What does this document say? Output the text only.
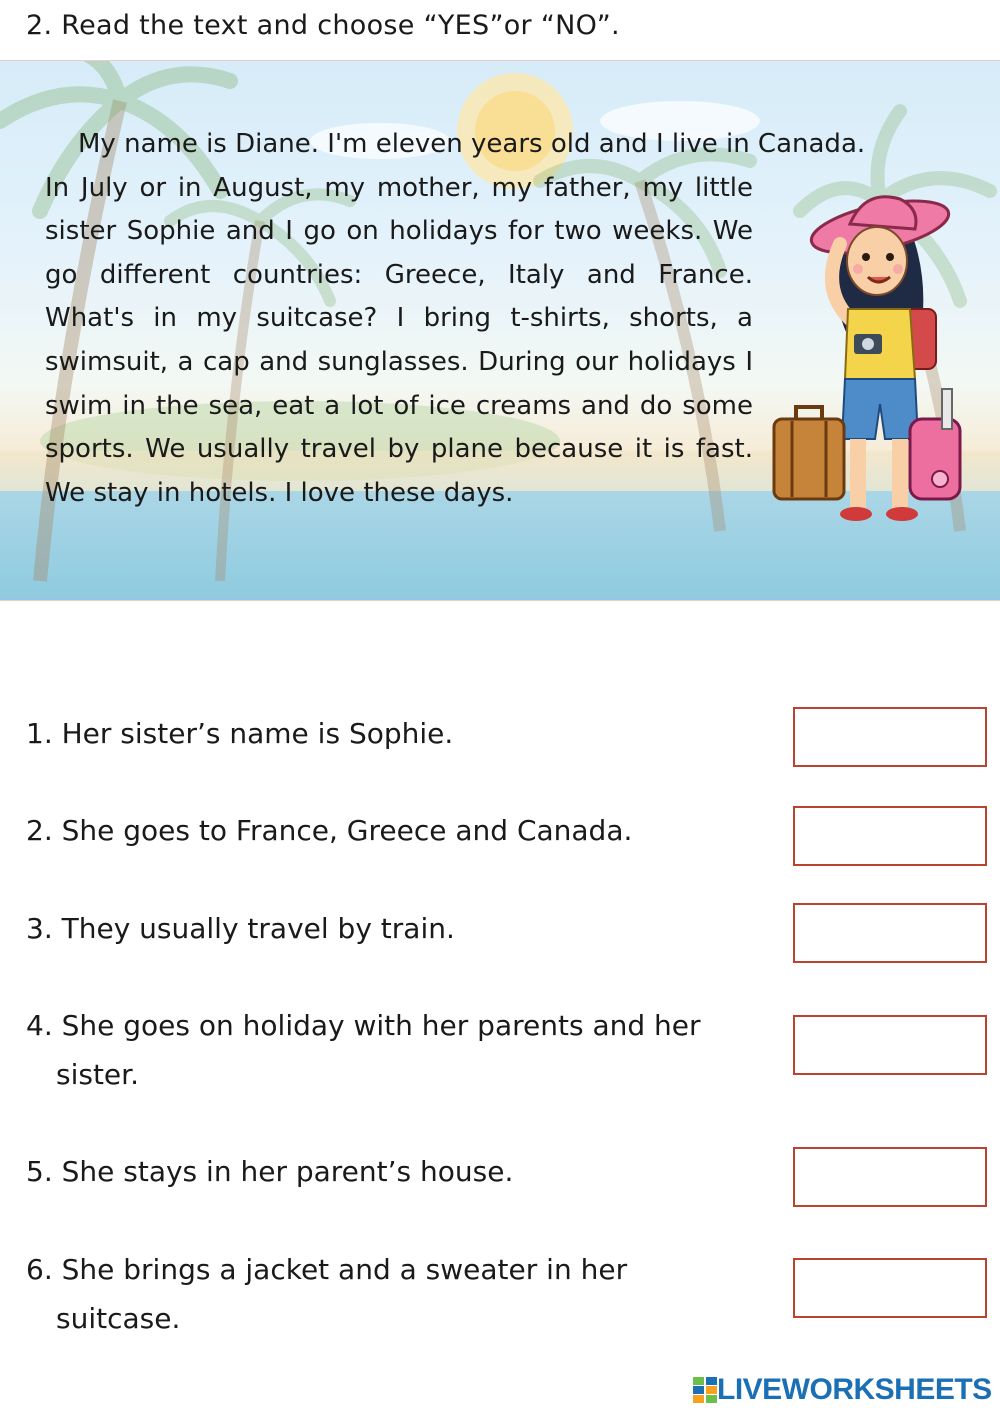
2. Read the text and choose “YES”or “NO”.
My name is Diane. I'm eleven years old and I live in Canada.
In July or in August, my mother, my father, my little sister Sophie and I go on holidays for two weeks. We go different countries: Greece, Italy and France. What's in my suitcase? I bring t-shirts, shorts, a swimsuit, a cap and sunglasses. During our holidays I swim in the sea, eat a lot of ice creams and do some sports. We usually travel by plane because it is fast. We stay in hotels. I love these days.
1. Her sister’s name is Sophie.
2. She goes to France, Greece and Canada.
3. They usually travel by train.
4. She goes on holiday with her parents and her
sister.
5. She stays in her parent’s house.
6. She brings a jacket and a sweater in her
suitcase.
LIVEWORKSHEETS
